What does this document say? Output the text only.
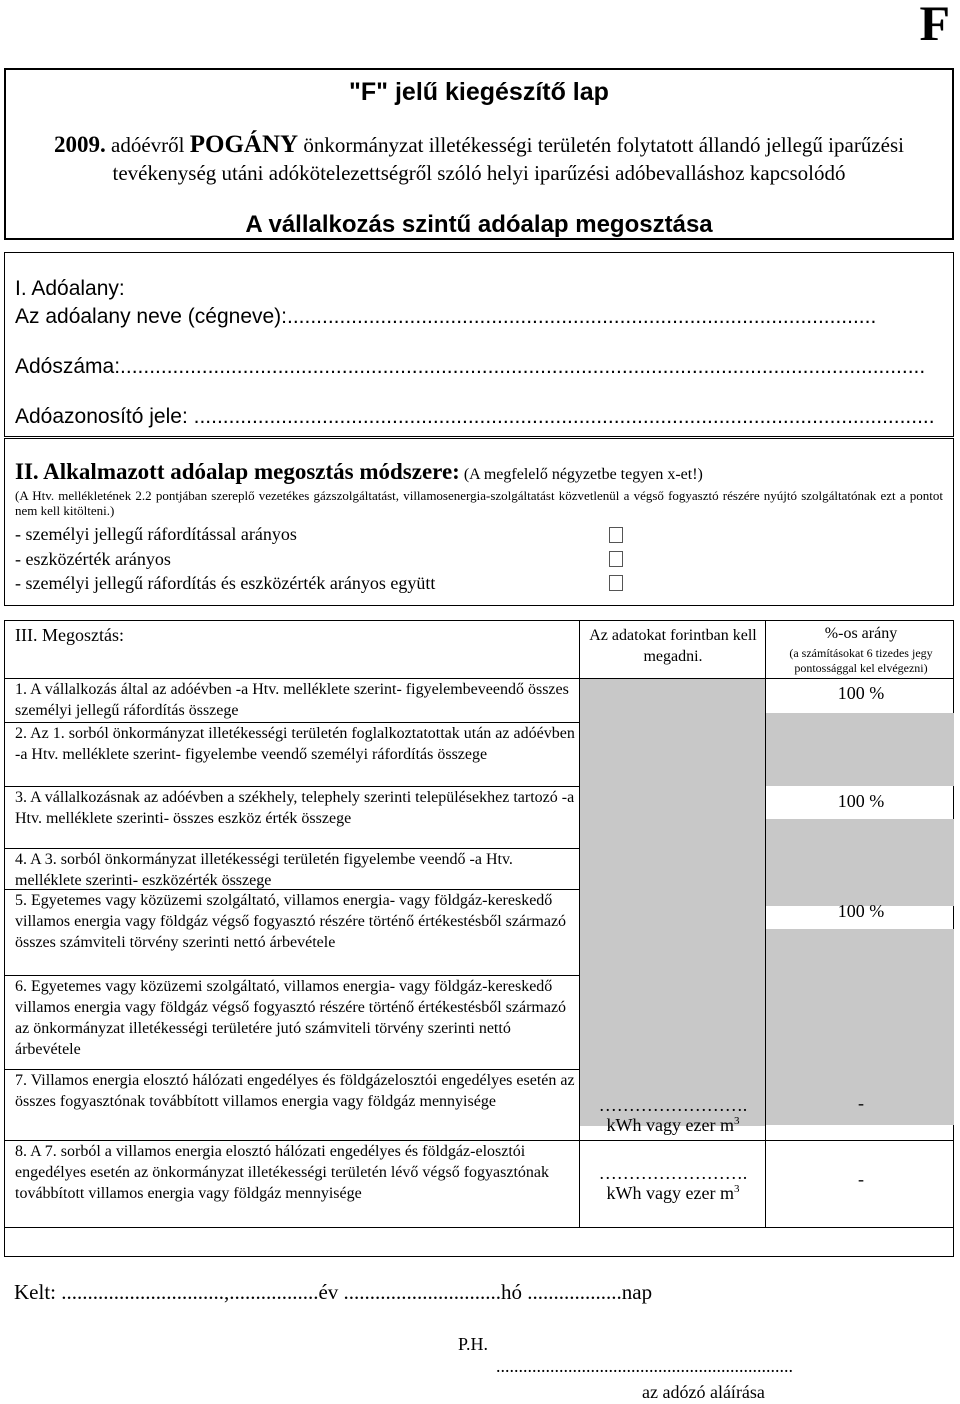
F
"F" jelű kiegészítő lap
2009. adóévről POGÁNY önkormányzat illetékességi területén folytatott állandó jellegű iparűzési
tevékenység utáni adókötelezettségről szóló helyi iparűzési adóbevalláshoz kapcsolódó
A vállalkozás szintű adóalap megosztása
I. Adóalany:
Az adóalany neve (cégneve):.....................................................................................................
Adószáma:..........................................................................................................................................
Adóazonosító jele: ...............................................................................................................................
II. Alkalmazott adóalap megosztás módszere: (A megfelelő négyzetbe tegyen x-et!)
(A Htv. mellékletének 2.2 pontjában szereplő vezetékes gázszolgáltatást, villamosenergia-szolgáltatást közvetlenül a végső fogyasztó részére nyújtó szolgáltatónak ezt a pontot nem kell kitölteni.)
- személyi jellegű ráfordítással arányos
- eszközérték arányos
- személyi jellegű ráfordítás és eszközérték arányos együtt
III. Megosztás:	Az adatokat forintban kell megadni.
%-os arány
(a számításokat 6 tizedes jegy pontossággal kel elvégezni)
1. A vállalkozás által az adóévben -a Htv. melléklete szerint- figyelembeveendő összes személyi jellegű ráfordítás összege
2. Az 1. sorból önkormányzat illetékességi területén foglalkoztatottak után az adóévben -a Htv. melléklete szerint- figyelembe veendő személyi ráfordítás összege
3. A vállalkozásnak az adóévben a székhely, telephely szerinti településekhez tartozó -a Htv. melléklete szerinti- összes eszköz érték összege
4. A 3. sorból önkormányzat illetékességi területén figyelembe veendő -a Htv. melléklete szerinti- eszközérték összege
5. Egyetemes vagy közüzemi szolgáltató, villamos energia- vagy földgáz-kereskedő villamos energia vagy földgáz végső fogyasztó részére történő értékestésből származó összes számviteli törvény szerinti nettó árbevétele
6. Egyetemes vagy közüzemi szolgáltató, villamos energia- vagy földgáz-kereskedő villamos energia vagy földgáz végső fogyasztó részére történő értékestésből származó az önkormányzat illetékességi területére jutó számviteli törvény szerinti nettó árbevétele
7. Villamos energia elosztó hálózati engedélyes és földgázelosztói engedélyes esetén az összes fogyasztónak továbbított villamos energia vagy földgáz mennyisége
8. A 7. sorból a villamos energia elosztó hálózati engedélyes és földgáz-elosztói engedélyes esetén az önkormányzat illetékességi területén lévő végső fogyasztónak továbbított villamos energia vagy földgáz mennyisége
100 %
100 %
100 %
-
-
…………………….
kWh vagy ezer $m^3$
…………………….
kWh vagy ezer $m^3$
Kelt: ...............................,.................év ..............................hó ..................nap
P.H.
..................................................................
az adózó aláírása
